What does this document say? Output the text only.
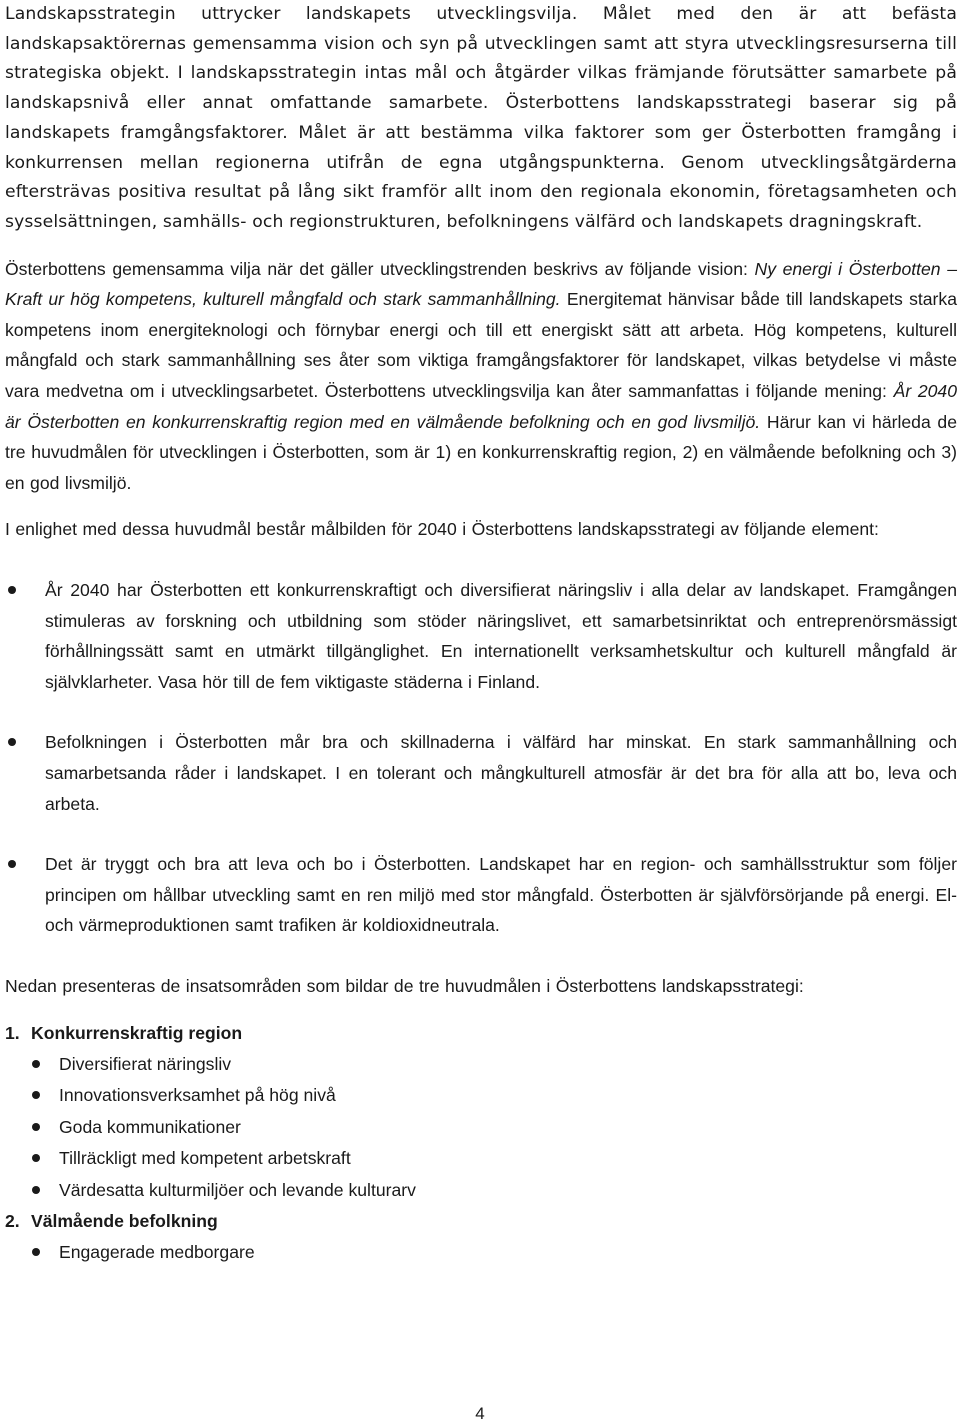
Landskapsstrategin uttrycker landskapets utvecklingsvilja. Målet med den är att befästa landskapsaktörernas gemensamma vision och syn på utvecklingen samt att styra utvecklingsresurserna till strategiska objekt. I landskapsstrategin intas mål och åtgärder vilkas främjande förutsätter samarbete på landskapsnivå eller annat omfattande samarbete. Österbottens landskapsstrategi baserar sig på landskapets framgångsfaktorer. Målet är att bestämma vilka faktorer som ger Österbotten framgång i konkurrensen mellan regionerna utifrån de egna utgångspunkterna. Genom utvecklingsåtgärderna eftersträvas positiva resultat på lång sikt framför allt inom den regionala ekonomin, företagsamheten och sysselsättningen, samhälls- och regionstrukturen, befolkningens välfärd och landskapets dragningskraft.

Österbottens gemensamma vilja när det gäller utvecklingstrenden beskrivs av följande vision: Ny energi i Österbotten – Kraft ur hög kompetens, kulturell mångfald och stark sammanhållning. Energitemat hänvisar både till landskapets starka kompetens inom energiteknologi och förnybar energi och till ett energiskt sätt att arbeta. Hög kompetens, kulturell mångfald och stark sammanhållning ses åter som viktiga framgångsfaktorer för landskapet, vilkas betydelse vi måste vara medvetna om i utvecklingsarbetet. Österbottens utvecklingsvilja kan åter sammanfattas i följande mening: År 2040 är Österbotten en konkurrenskraftig region med en välmående befolkning och en god livsmiljö. Härur kan vi härleda de tre huvudmålen för utvecklingen i Österbotten, som är 1) en konkurrenskraftig region, 2) en välmående befolkning och 3) en god livsmiljö.

I enlighet med dessa huvudmål består målbilden för 2040 i Österbottens landskapsstrategi av följande element:

År 2040 har Österbotten ett konkurrenskraftigt och diversifierat näringsliv i alla delar av landskapet. Framgången stimuleras av forskning och utbildning som stöder näringslivet, ett samarbetsinriktat och entreprenörsmässigt förhållningssätt samt en utmärkt tillgänglighet. En internationellt verksamhetskultur och kulturell mångfald är självklarheter. Vasa hör till de fem viktigaste städerna i Finland.
Befolkningen i Österbotten mår bra och skillnaderna i välfärd har minskat. En stark sammanhållning och samarbetsanda råder i landskapet. I en tolerant och mångkulturell atmosfär är det bra för alla att bo, leva och arbeta.
Det är tryggt och bra att leva och bo i Österbotten. Landskapet har en region- och samhällsstruktur som följer principen om hållbar utveckling samt en ren miljö med stor mångfald. Österbotten är självförsörjande på energi. El- och värmeproduktionen samt trafiken är koldioxidneutrala.

Nedan presenteras de insatsområden som bildar de tre huvudmålen i Österbottens landskapsstrategi:

1. Konkurrenskraftig region
Diversifierat näringsliv
Innovationsverksamhet på hög nivå
Goda kommunikationer
Tillräckligt med kompetent arbetskraft
Värdesatta kulturmiljöer och levande kulturarv
2. Välmående befolkning
Engagerade medborgare
4
